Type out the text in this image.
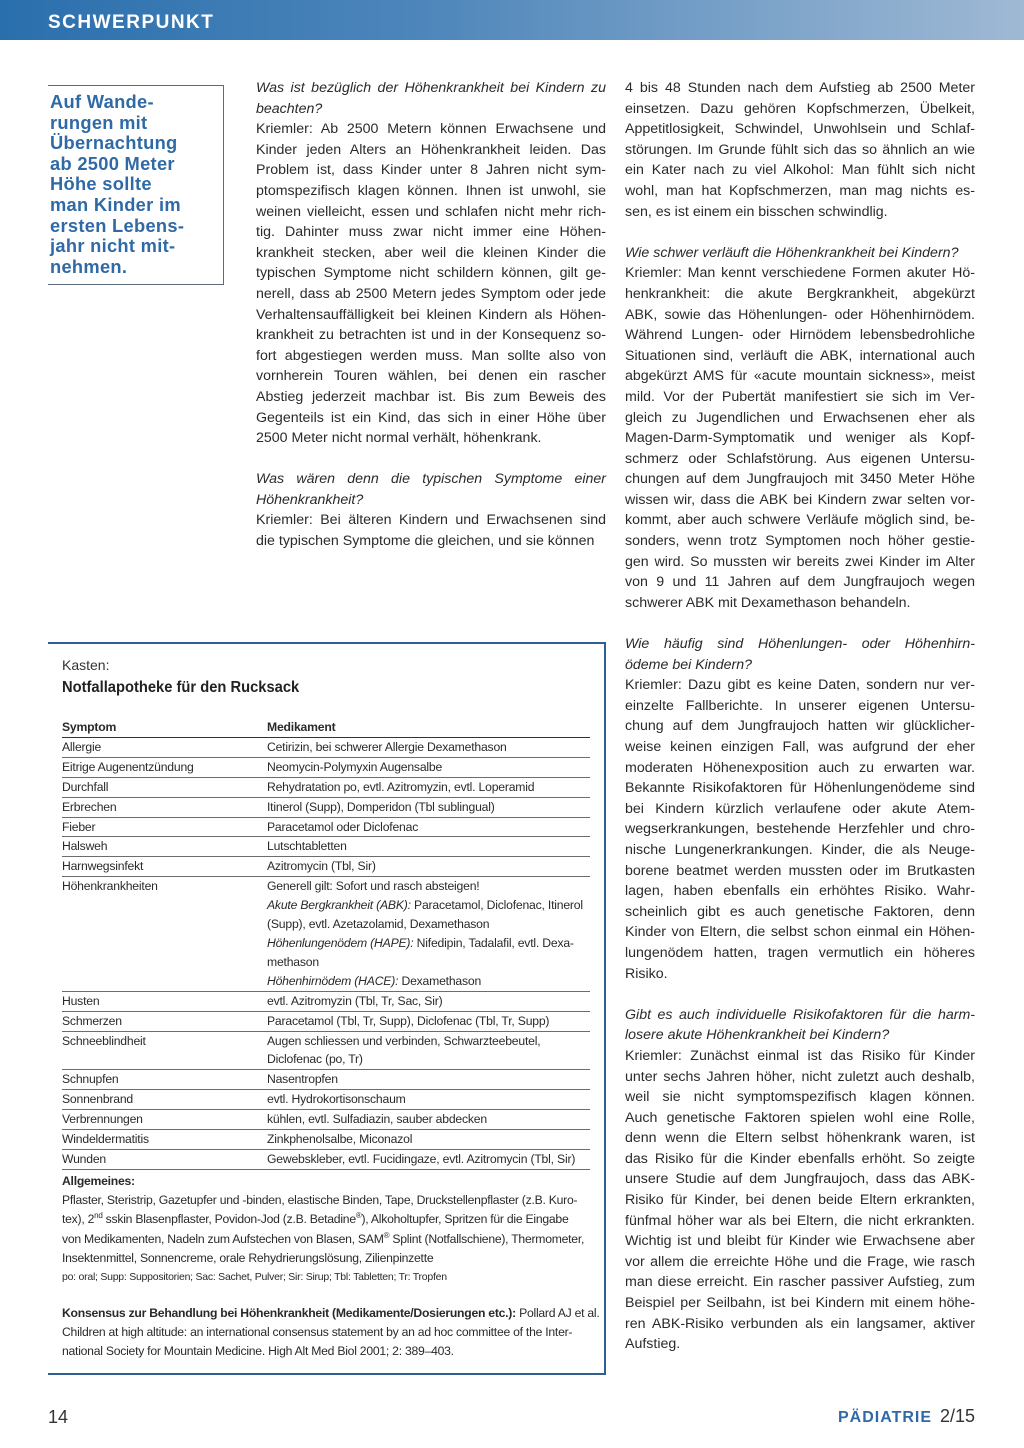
SCHWERPUNKT
Auf Wande-
rungen mit
Übernachtung
ab 2500 Meter
Höhe sollte
man Kinder im
ersten Lebens-
jahr nicht mit-
nehmen.
Was ist bezüglich der Höhenkrankheit bei Kindern zu
beachten?
Kriemler: Ab 2500 Metern können Erwachsene und
Kinder jeden Alters an Höhenkrankheit leiden. Das
Problem ist, dass Kinder unter 8 Jahren nicht sym-
ptomspezifisch klagen können. Ihnen ist unwohl, sie
weinen vielleicht, essen und schlafen nicht mehr rich-
tig. Dahinter muss zwar nicht immer eine Höhen-
krankheit stecken, aber weil die kleinen Kinder die
typischen Symptome nicht schildern können, gilt ge-
nerell, dass ab 2500 Metern jedes Symptom oder jede
Verhaltensauffälligkeit bei kleinen Kindern als Höhen-
krankheit zu betrachten ist und in der Konsequenz so-
fort abgestiegen werden muss. Man sollte also von
vornherein Touren wählen, bei denen ein rascher
Abstieg jederzeit machbar ist. Bis zum Beweis des
Gegenteils ist ein Kind, das sich in einer Höhe über
2500 Meter nicht normal verhält, höhenkrank.
Was wären denn die typischen Symptome einer
Höhenkrankheit?
Kriemler: Bei älteren Kindern und Erwachsenen sind
die typischen Symptome die gleichen, und sie können
4 bis 48 Stunden nach dem Aufstieg ab 2500 Meter
einsetzen. Dazu gehören Kopfschmerzen, Übelkeit,
Appetitlosigkeit, Schwindel, Unwohlsein und Schlaf-
störungen. Im Grunde fühlt sich das so ähnlich an wie
ein Kater nach zu viel Alkohol: Man fühlt sich nicht
wohl, man hat Kopfschmerzen, man mag nichts es-
sen, es ist einem ein bisschen schwindlig.
Wie schwer verläuft die Höhenkrankheit bei Kindern?
Kriemler: Man kennt verschiedene Formen akuter Hö-
henkrankheit: die akute Bergkrankheit, abgekürzt
ABK, sowie das Höhenlungen- oder Höhenhirnödem.
Während Lungen- oder Hirnödem lebensbedrohliche
Situationen sind, verläuft die ABK, international auch
abgekürzt AMS für «acute mountain sickness», meist
mild. Vor der Pubertät manifestiert sie sich im Ver-
gleich zu Jugendlichen und Erwachsenen eher als
Magen-Darm-Symptomatik und weniger als Kopf-
schmerz oder Schlafstörung. Aus eigenen Untersu-
chungen auf dem Jungfraujoch mit 3450 Meter Höhe
wissen wir, dass die ABK bei Kindern zwar selten vor-
kommt, aber auch schwere Verläufe möglich sind, be-
sonders, wenn trotz Symptomen noch höher gestie-
gen wird. So mussten wir bereits zwei Kinder im Alter
von 9 und 11 Jahren auf dem Jungfraujoch wegen
schwerer ABK mit Dexamethason behandeln.
Wie häufig sind Höhenlungen- oder Höhenhirn-
ödeme bei Kindern?
Kriemler: Dazu gibt es keine Daten, sondern nur ver-
einzelte Fallberichte. In unserer eigenen Untersu-
chung auf dem Jungfraujoch hatten wir glücklicher-
weise keinen einzigen Fall, was aufgrund der eher
moderaten Höhenexposition auch zu erwarten war.
Bekannte Risikofaktoren für Höhenlungenödeme sind
bei Kindern kürzlich verlaufene oder akute Atem-
wegserkrankungen, bestehende Herzfehler und chro-
nische Lungenerkrankungen. Kinder, die als Neuge-
borene beatmet werden mussten oder im Brutkasten
lagen, haben ebenfalls ein erhöhtes Risiko. Wahr-
scheinlich gibt es auch genetische Faktoren, denn
Kinder von Eltern, die selbst schon einmal ein Höhen-
lungenödem hatten, tragen vermutlich ein höheres
Risiko.
Gibt es auch individuelle Risikofaktoren für die harm-
losere akute Höhenkrankheit bei Kindern?
Kriemler: Zunächst einmal ist das Risiko für Kinder
unter sechs Jahren höher, nicht zuletzt auch deshalb,
weil sie nicht symptomspezifisch klagen können.
Auch genetische Faktoren spielen wohl eine Rolle,
denn wenn die Eltern selbst höhenkrank waren, ist
das Risiko für die Kinder ebenfalls erhöht. So zeigte
unsere Studie auf dem Jungfraujoch, dass das ABK-
Risiko für Kinder, bei denen beide Eltern erkrankten,
fünfmal höher war als bei Eltern, die nicht erkrankten.
Wichtig ist und bleibt für Kinder wie Erwachsene aber
vor allem die erreichte Höhe und die Frage, wie rasch
man diese erreicht. Ein rascher passiver Aufstieg, zum
Beispiel per Seilbahn, ist bei Kindern mit einem höhe-
ren ABK-Risiko verbunden als ein langsamer, aktiver
Aufstieg.
Kasten:
Notfallapotheke für den Rucksack
Symptom	Medikament
Allergie	Cetirizin, bei schwerer Allergie Dexamethason
Eitrige Augenentzündung	Neomycin-Polymyxin Augensalbe
Durchfall	Rehydratation po, evtl. Azitromyzin, evtl. Loperamid
Erbrechen	Itinerol (Supp), Domperidon (Tbl sublingual)
Fieber	Paracetamol oder Diclofenac
Halsweh	Lutschtabletten
Harnwegsinfekt	Azitromycin (Tbl, Sir)
Höhenkrankheiten	Generell gilt: Sofort und rasch absteigen!
Akute Bergkrankheit (ABK): Paracetamol, Diclofenac, Itinerol
(Supp), evtl. Azetazolamid, Dexamethason
Höhenlungenödem (HAPE): Nifedipin, Tadalafil, evtl. Dexa-
methason
Höhenhirnödem (HACE): Dexamethason
Husten	evtl. Azitromyzin (Tbl, Tr, Sac, Sir)
Schmerzen	Paracetamol (Tbl, Tr, Supp), Diclofenac (Tbl, Tr, Supp)
Schneeblindheit	Augen schliessen und verbinden, Schwarzteebeutel,
Diclofenac (po, Tr)
Schnupfen	Nasentropfen
Sonnenbrand	evtl. Hydrokortisonschaum
Verbrennungen	kühlen, evtl. Sulfadiazin, sauber abdecken
Windeldermatitis	Zinkphenolsalbe, Miconazol
Wunden	Gewebskleber, evtl. Fucidingaze, evtl. Azitromycin (Tbl, Sir)
Allgemeines:
Pflaster, Steristrip, Gazetupfer und -binden, elastische Binden, Tape, Druckstellenpflaster (z.B. Kuro-
tex), 2nd sskin Blasenpflaster, Povidon-Jod (z.B. Betadine®), Alkoholtupfer, Spritzen für die Eingabe
von Medikamenten, Nadeln zum Aufstechen von Blasen, SAM® Splint (Notfallschiene), Thermometer,
Insektenmittel, Sonnencreme, orale Rehydrierungslösung, Zilienpinzette
po: oral; Supp: Suppositorien; Sac: Sachet, Pulver; Sir: Sirup; Tbl: Tabletten; Tr: Tropfen
Konsensus zur Behandlung bei Höhenkrankheit (Medikamente/Dosierungen etc.): Pollard AJ et al.
Children at high altitude: an international consensus statement by an ad hoc committee of the Inter-
national Society for Mountain Medicine. High Alt Med Biol 2001; 2: 389–403.
14	PÄDIATRIE 2/15
